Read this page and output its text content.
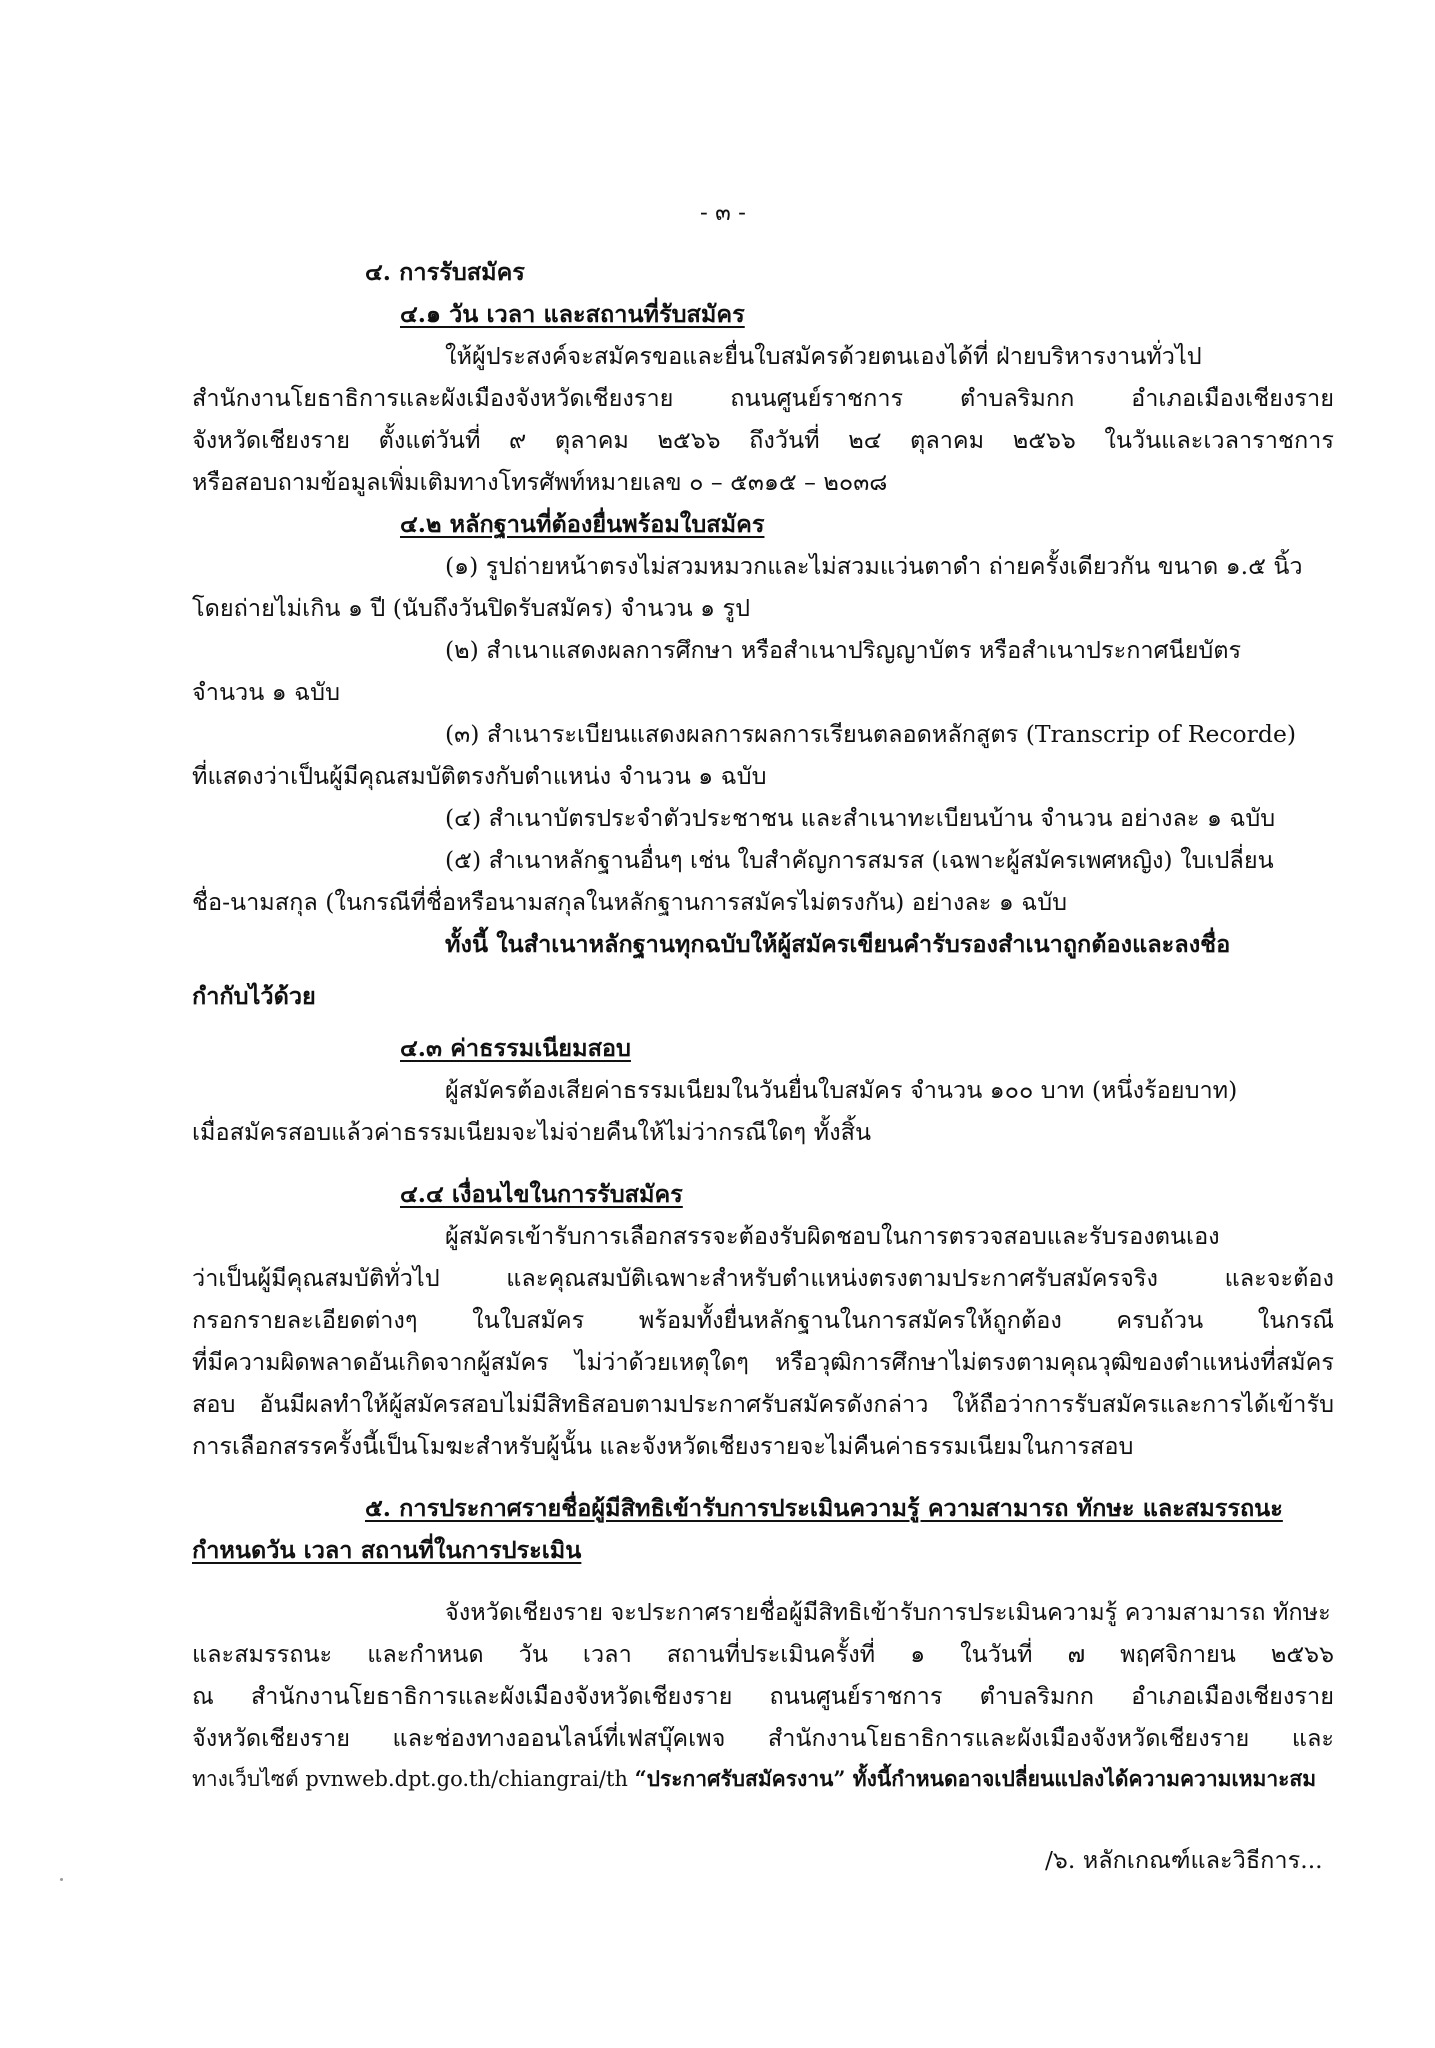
- ๓ -
๔. การรับสมัคร
๔.๑ วัน เวลา และสถานที่รับสมัคร
ให้ผู้ประสงค์จะสมัครขอและยื่นใบสมัครด้วยตนเองได้ที่ ฝ่ายบริหารงานทั่วไป
สำนักงานโยธาธิการและผังเมืองจังหวัดเชียงราย ถนนศูนย์ราชการ ตำบลริมกก อำเภอเมืองเชียงราย
จังหวัดเชียงราย ตั้งแต่วันที่ ๙ ตุลาคม ๒๕๖๖ ถึงวันที่ ๒๔ ตุลาคม ๒๕๖๖ ในวันและเวลาราชการ
หรือสอบถามข้อมูลเพิ่มเติมทางโทรศัพท์หมายเลข ๐ – ๕๓๑๕ – ๒๐๓๘
๔.๒ หลักฐานที่ต้องยื่นพร้อมใบสมัคร
(๑) รูปถ่ายหน้าตรงไม่สวมหมวกและไม่สวมแว่นตาดำ ถ่ายครั้งเดียวกัน ขนาด ๑.๕ นิ้ว
โดยถ่ายไม่เกิน ๑ ปี (นับถึงวันปิดรับสมัคร) จำนวน ๑ รูป
(๒) สำเนาแสดงผลการศึกษา หรือสำเนาปริญญาบัตร หรือสำเนาประกาศนียบัตร
จำนวน ๑ ฉบับ
(๓) สำเนาระเบียนแสดงผลการผลการเรียนตลอดหลักสูตร (Transcrip of Recorde)
ที่แสดงว่าเป็นผู้มีคุณสมบัติตรงกับตำแหน่ง จำนวน ๑ ฉบับ
(๔) สำเนาบัตรประจำตัวประชาชน และสำเนาทะเบียนบ้าน จำนวน อย่างละ ๑ ฉบับ
(๕) สำเนาหลักฐานอื่นๆ เช่น ใบสำคัญการสมรส (เฉพาะผู้สมัครเพศหญิง) ใบเปลี่ยน
ชื่อ-นามสกุล (ในกรณีที่ชื่อหรือนามสกุลในหลักฐานการสมัครไม่ตรงกัน) อย่างละ ๑ ฉบับ
ทั้งนี้ ในสำเนาหลักฐานทุกฉบับให้ผู้สมัครเขียนคำรับรองสำเนาถูกต้องและลงชื่อ
กำกับไว้ด้วย
๔.๓ ค่าธรรมเนียมสอบ
ผู้สมัครต้องเสียค่าธรรมเนียมในวันยื่นใบสมัคร จำนวน ๑๐๐ บาท (หนึ่งร้อยบาท)
เมื่อสมัครสอบแล้วค่าธรรมเนียมจะไม่จ่ายคืนให้ไม่ว่ากรณีใดๆ ทั้งสิ้น
๔.๔ เงื่อนไขในการรับสมัคร
ผู้สมัครเข้ารับการเลือกสรรจะต้องรับผิดชอบในการตรวจสอบและรับรองตนเอง
ว่าเป็นผู้มีคุณสมบัติทั่วไป และคุณสมบัติเฉพาะสำหรับตำแหน่งตรงตามประกาศรับสมัครจริง และจะต้อง
กรอกรายละเอียดต่างๆ ในใบสมัคร พร้อมทั้งยื่นหลักฐานในการสมัครให้ถูกต้อง ครบถ้วน ในกรณี
ที่มีความผิดพลาดอันเกิดจากผู้สมัคร ไม่ว่าด้วยเหตุใดๆ หรือวุฒิการศึกษาไม่ตรงตามคุณวุฒิของตำแหน่งที่สมัคร
สอบ อันมีผลทำให้ผู้สมัครสอบไม่มีสิทธิสอบตามประกาศรับสมัครดังกล่าว ให้ถือว่าการรับสมัครและการได้เข้ารับ
การเลือกสรรครั้งนี้เป็นโมฆะสำหรับผู้นั้น และจังหวัดเชียงรายจะไม่คืนค่าธรรมเนียมในการสอบ
๕. การประกาศรายชื่อผู้มีสิทธิเข้ารับการประเมินความรู้ ความสามารถ ทักษะ และสมรรถนะ
กำหนดวัน เวลา สถานที่ในการประเมิน
จังหวัดเชียงราย จะประกาศรายชื่อผู้มีสิทธิเข้ารับการประเมินความรู้ ความสามารถ ทักษะ
และสมรรถนะ และกำหนด วัน เวลา สถานที่ประเมินครั้งที่ ๑ ในวันที่ ๗ พฤศจิกายน ๒๕๖๖
ณ สำนักงานโยธาธิการและผังเมืองจังหวัดเชียงราย ถนนศูนย์ราชการ ตำบลริมกก อำเภอเมืองเชียงราย
จังหวัดเชียงราย และช่องทางออนไลน์ที่เฟสบุ๊คเพจ สำนักงานโยธาธิการและผังเมืองจังหวัดเชียงราย และ
ทางเว็บไซต์ pvnweb.dpt.go.th/chiangrai/th “ประกาศรับสมัครงาน” ทั้งนี้กำหนดอาจเปลี่ยนแปลงได้ความความเหมาะสม
/๖. หลักเกณฑ์และวิธีการ...
